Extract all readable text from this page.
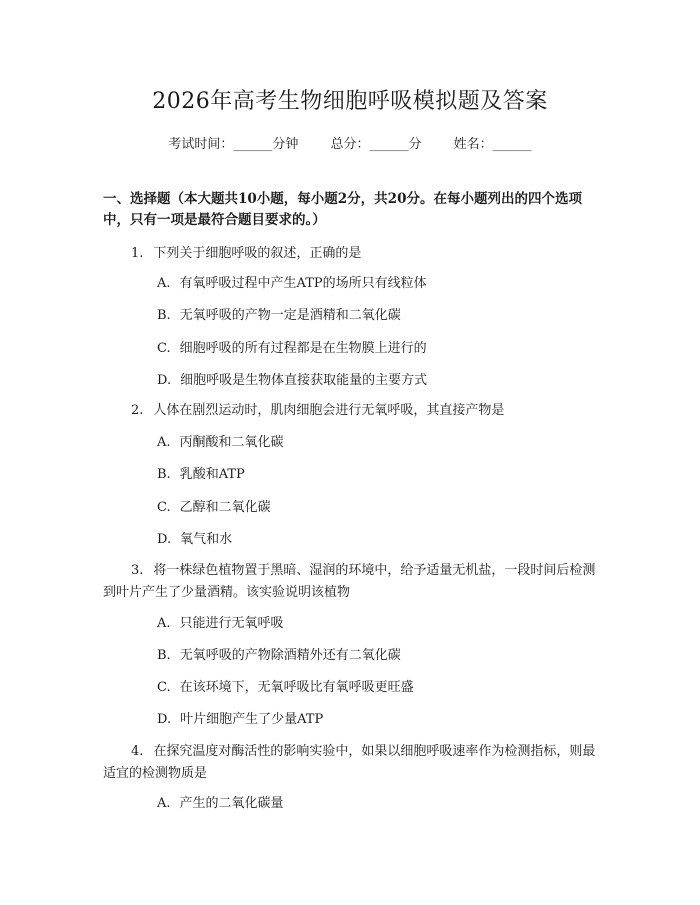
2026年高考生物细胞呼吸模拟题及答案
考试时间：______分钟 总分：______分 姓名：______
一、选择题（本大题共10小题，每小题2分，共20分。在每小题列出的四个选项中，只有一项是最符合题目要求的。）
1. 下列关于细胞呼吸的叙述，正确的是
A. 有氧呼吸过程中产生ATP的场所只有线粒体
B. 无氧呼吸的产物一定是酒精和二氧化碳
C. 细胞呼吸的所有过程都是在生物膜上进行的
D. 细胞呼吸是生物体直接获取能量的主要方式
2. 人体在剧烈运动时，肌肉细胞会进行无氧呼吸，其直接产物是
A. 丙酮酸和二氧化碳
B. 乳酸和ATP
C. 乙醇和二氧化碳
D. 氧气和水
3. 将一株绿色植物置于黑暗、湿润的环境中，给予适量无机盐，一段时间后检测到叶片产生了少量酒精。该实验说明该植物
A. 只能进行无氧呼吸
B. 无氧呼吸的产物除酒精外还有二氧化碳
C. 在该环境下，无氧呼吸比有氧呼吸更旺盛
D. 叶片细胞产生了少量ATP
4. 在探究温度对酶活性的影响实验中，如果以细胞呼吸速率作为检测指标，则最适宜的检测物质是
A. 产生的二氧化碳量
